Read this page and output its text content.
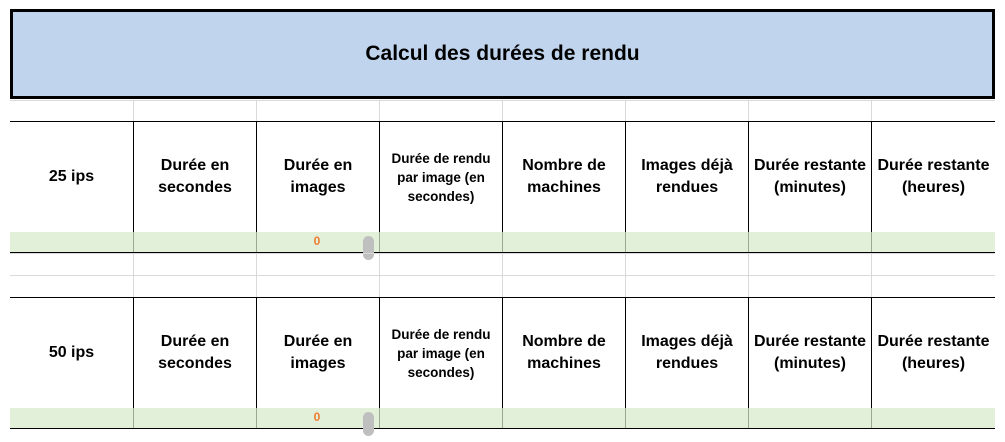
Calcul des durées de rendu
25 ips
Durée en secondes
Durée en images
Durée de rendu par image (en secondes)
Nombre de machines
Images déjà rendues
Durée restante (minutes)
Durée restante (heures)
0
50 ips
Durée en secondes
Durée en images
Durée de rendu par image (en secondes)
Nombre de machines
Images déjà rendues
Durée restante (minutes)
Durée restante (heures)
0
